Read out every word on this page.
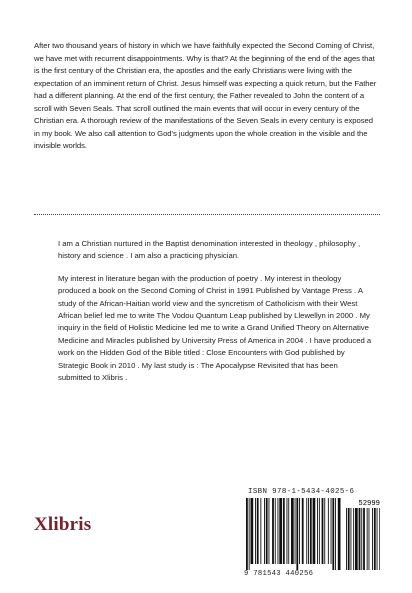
After two thousand years of history in which we have faithfully expected the Second Coming of Christ, we have met with recurrent disappointments. Why is that? At the beginning of the end of the ages that is the first century of the Christian era, the apostles and the early Christians were living with the expectation of an imminent return of Christ. Jesus himself was expecting a quick return, but the Father had a different planning. At the end of the first century, the Father revealed to John the content of a scroll with Seven Seals. That scroll outlined the main events that will occur in every century of the Christian era. A thorough review of the manifestations of the Seven Seals in every century is exposed in my book. We also call attention to God's judgments upon the whole creation in the visible and the invisible worlds.

I am a Christian nurtured in the Baptist denomination interested in theology , philosophy , history and science . I am also a practicing physician.

My interest in literature began with the production of poetry . My interest in theology produced a book on the Second Coming of Christ in 1991 Published by Vantage Press . A study of the African-Haitian world view and the syncretism of Catholicism with their West African belief led me to write The Vodou Quantum Leap published by Llewellyn in 2000 . My inquiry in the field of Holistic Medicine led me to write a Grand Unified Theory on Alternative Medicine and Miracles published by University Press of America in 2004 . I have produced a work on the Hidden God of the Bible titled : Close Encounters with God published by Strategic Book in 2010 . My last study is : The Apocalypse Revisited that has been submitted to Xlibris .

Xlibris
ISBN 978-1-5434-4025-6
52999
9 781543 440256
